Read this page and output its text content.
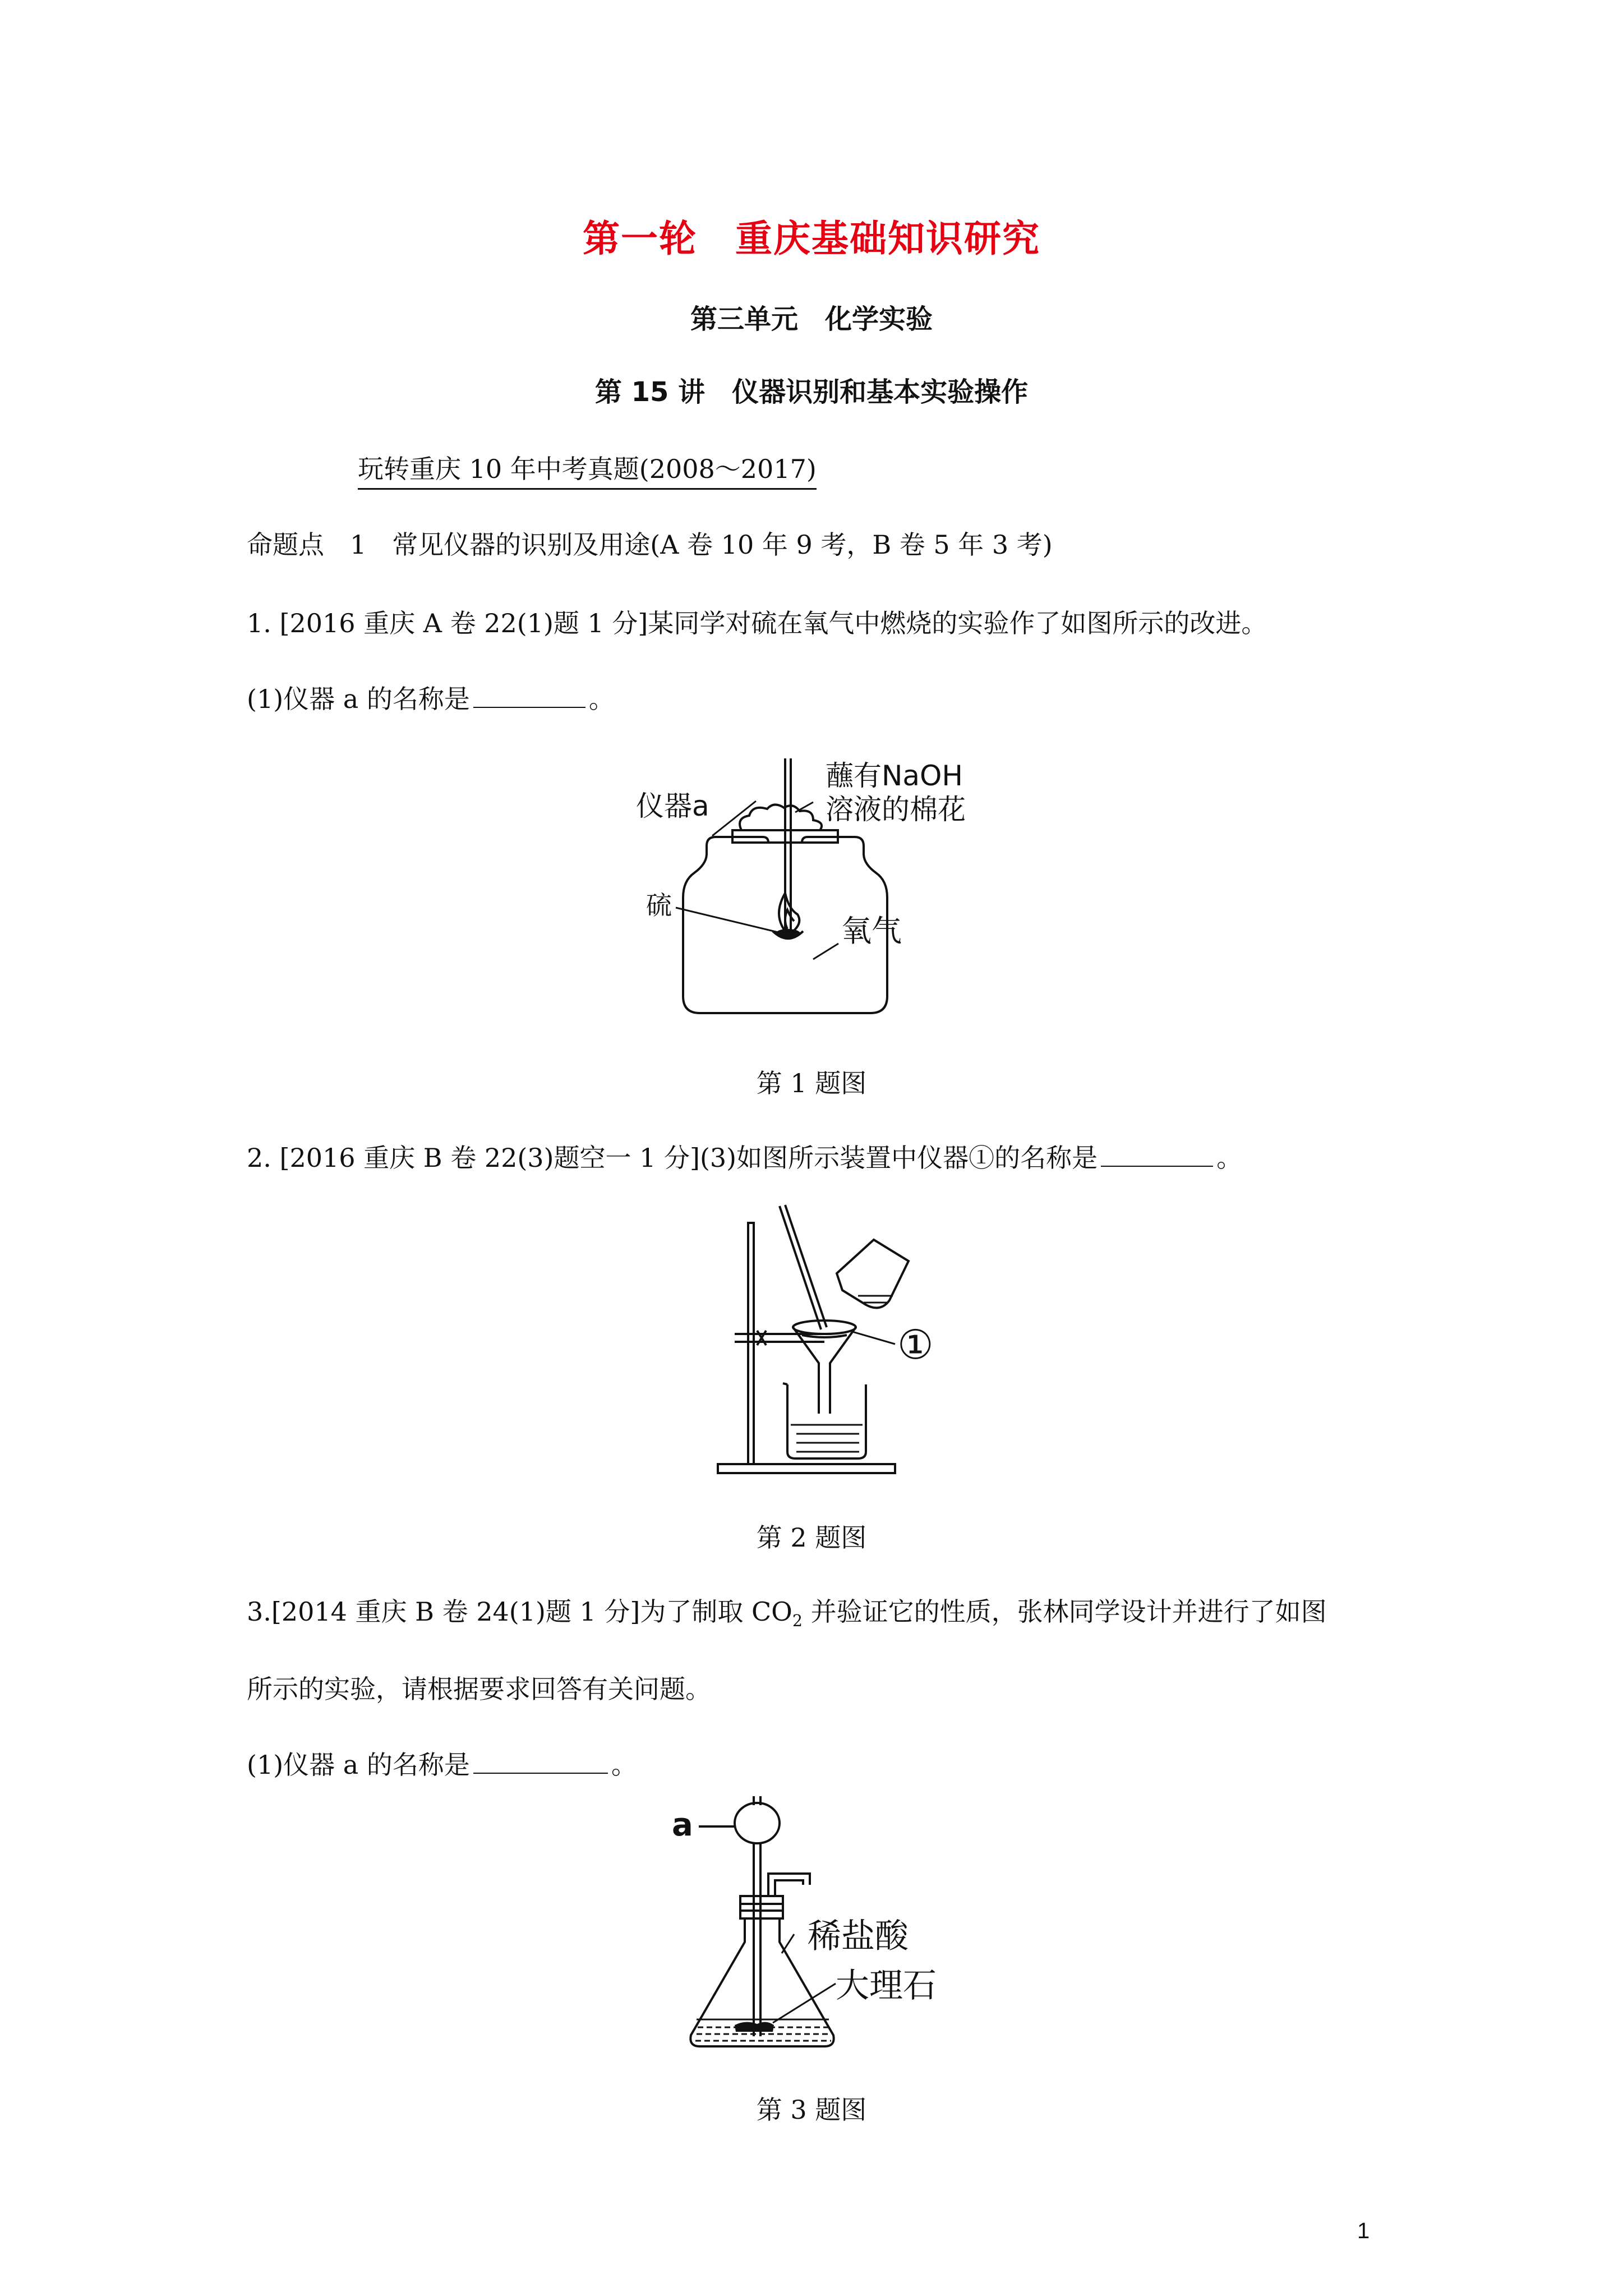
第一轮　重庆基础知识研究
第三单元　化学实验
第 15 讲　仪器识别和基本实验操作
玩转重庆 10 年中考真题(2008～2017)
命题点　1　常见仪器的识别及用途(A 卷 10 年 9 考，B 卷 5 年 3 考)
1. [2016 重庆 A 卷 22(1)题 1 分]某同学对硫在氧气中燃烧的实验作了如图所示的改进。
(1)仪器 a 的名称是	。
仪器a
蘸有NaOH
溶液的棉花
硫
氧气
第 1 题图
2. [2016 重庆 B 卷 22(3)题空一 1 分](3)如图所示装置中仪器①的名称是	。
①
第 2 题图
3.[2014 重庆 B 卷 24(1)题 1 分]为了制取 $CO_2$ 并验证它的性质，张林同学设计并进行了如图
所示的实验，请根据要求回答有关问题。
(1)仪器 a 的名称是	。
a
稀盐酸
大理石
第 3 题图
1
